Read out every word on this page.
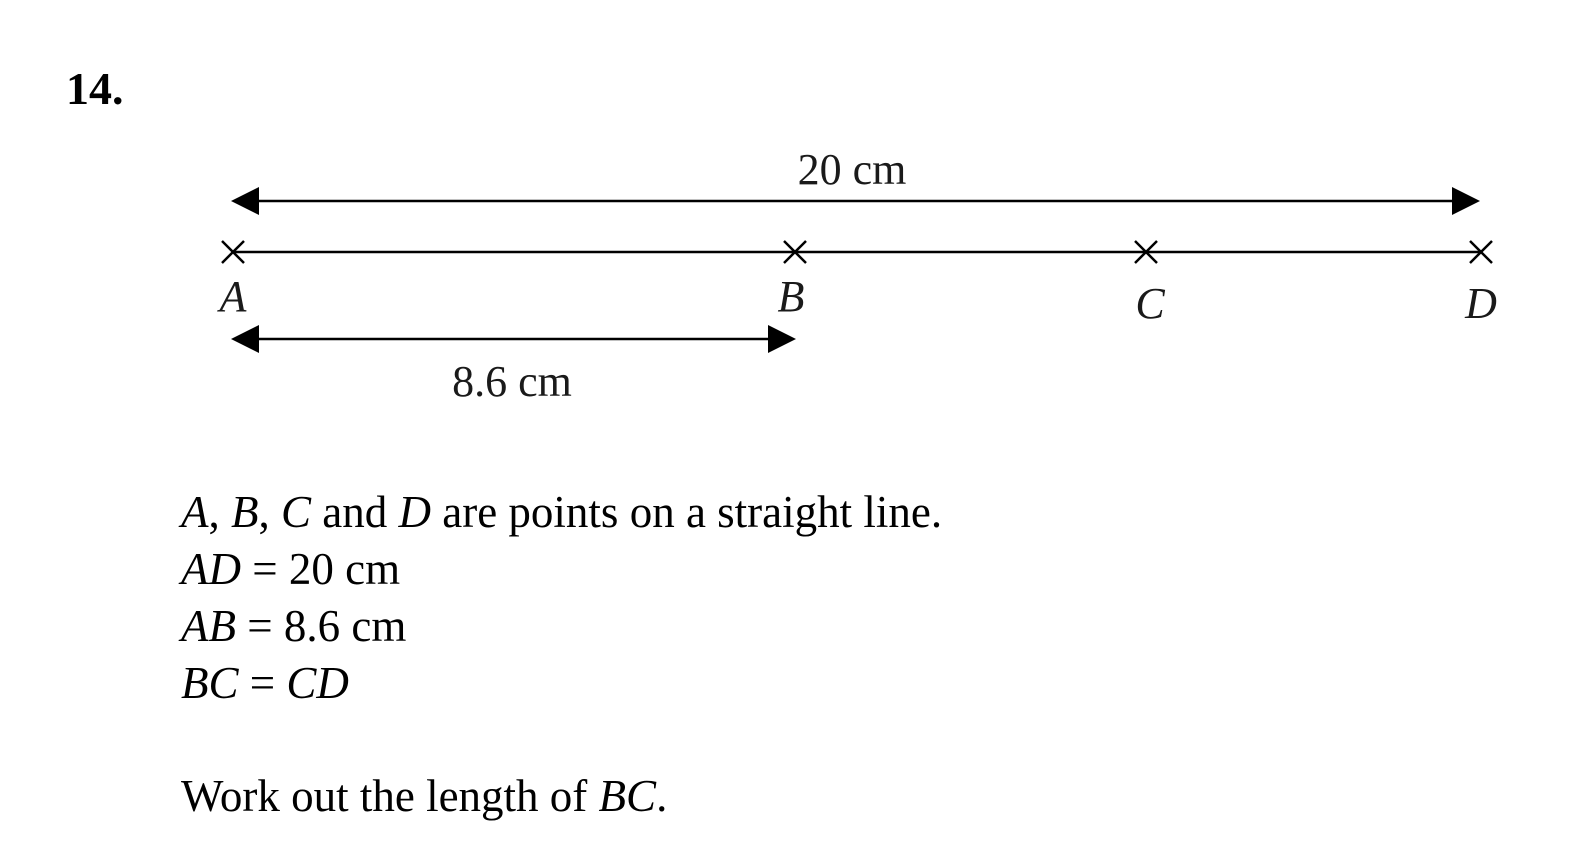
14.
20 cm
A	B	C	D
8.6 cm
A, B, C and D are points on a straight line.
AD = 20 cm
AB = 8.6 cm
BC = CD
Work out the length of BC.
